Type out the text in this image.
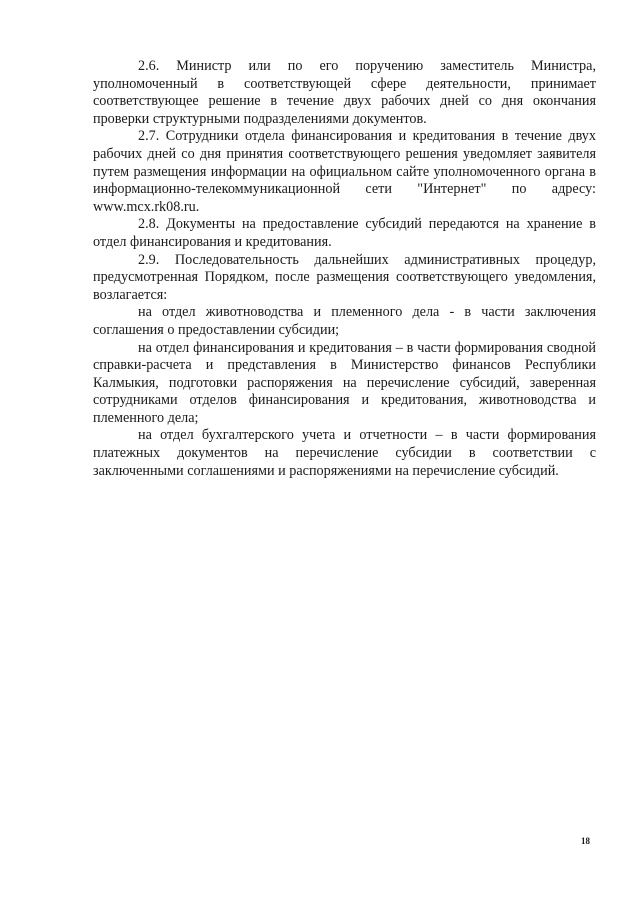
2.6. Министр или по его поручению заместитель Министра, уполномоченный в соответствующей сфере деятельности, принимает соответствующее решение в течение двух рабочих дней со дня окончания проверки структурными подразделениями документов.

2.7. Сотрудники отдела финансирования и кредитования в течение двух рабочих дней со дня принятия соответствующего решения уведомляет заявителя путем размещения информации на официальном сайте уполномоченного органа в информационно-телекоммуникационной сети "Интернет" по адресу: www.mcx.rk08.ru.

2.8. Документы на предоставление субсидий передаются на хранение в отдел финансирования и кредитования.

2.9. Последовательность дальнейших административных процедур, предусмотренная Порядком, после размещения соответствующего уведомления, возлагается:

на отдел животноводства и племенного дела - в части заключения соглашения о предоставлении субсидии;

на отдел финансирования и кредитования – в части формирования сводной справки-расчета и представления в Министерство финансов Республики Калмыкия, подготовки распоряжения на перечисление субсидий, заверенная сотрудниками отделов финансирования и кредитования, животноводства и племенного дела;

на отдел бухгалтерского учета и отчетности – в части формирования платежных документов на перечисление субсидии в соответствии с заключенными соглашениями и распоряжениями на перечисление субсидий.

18
